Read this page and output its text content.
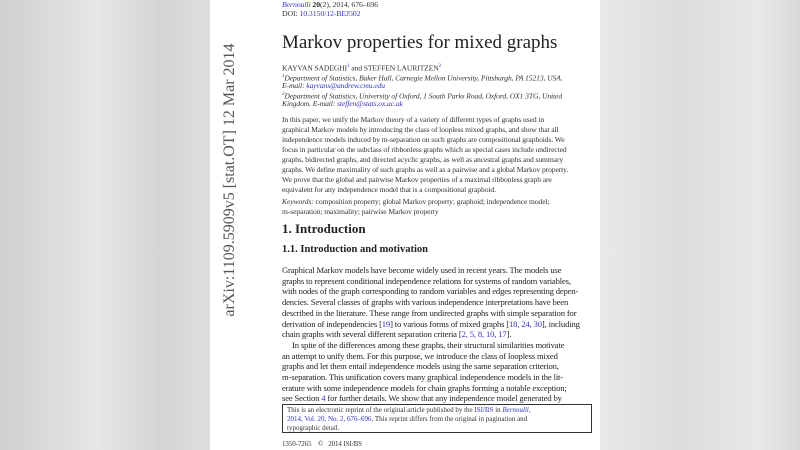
arXiv:1109.5909v5 [stat.OT] 12 Mar 2014
Bernoulli 20(2), 2014, 676–696
DOI: 10.3150/12-BEJ502
Markov properties for mixed graphs
KAYVAN SADEGHI$^1$ and STEFFEN LAURITZEN$^2$
$^1$Department of Statistics, Baker Hall, Carnegie Mellon University, Pittsburgh, PA 15213, USA.
E-mail: kayvans@andrew.cmu.edu
$^2$Department of Statistics, University of Oxford, 1 South Parks Road, Oxford, OX1 3TG, United
Kingdom. E-mail: steffen@stats.ox.ac.uk
In this paper, we unify the Markov theory of a variety of different types of graphs used in
graphical Markov models by introducing the class of loopless mixed graphs, and show that all
independence models induced by m-separation on such graphs are compositional graphoids. We
focus in particular on the subclass of ribbonless graphs which as special cases include undirected
graphs, bidirected graphs, and directed acyclic graphs, as well as ancestral graphs and summary
graphs. We define maximality of such graphs as well as a pairwise and a global Markov property.
We prove that the global and pairwise Markov properties of a maximal ribbonless graph are
equivalent for any independence model that is a compositional graphoid.
Keywords: composition property; global Markov property; graphoid; independence model;
m-separation; maximality; pairwise Markov property
1. Introduction
1.1. Introduction and motivation
Graphical Markov models have become widely used in recent years. The models use
graphs to represent conditional independence relations for systems of random variables,
with nodes of the graph corresponding to random variables and edges representing depen-
dencies. Several classes of graphs with various independence interpretations have been
described in the literature. These range from undirected graphs with simple separation for
derivation of independencies [19] to various forms of mixed graphs [18, 24, 30], including
chain graphs with several different separation criteria [2, 5, 8, 10, 17].
In spite of the differences among these graphs, their structural similarities motivate
an attempt to unify them. For this purpose, we introduce the class of loopless mixed
graphs and let them entail independence models using the same separation criterion,
m-separation. This unification covers many graphical independence models in the lit-
erature with some independence models for chain graphs forming a notable exception;
see Section 4 for further details. We show that any independence model generated by
This is an electronic reprint of the original article published by the ISI/BS in Bernoulli,
2014, Vol. 20, No. 2, 676–696. This reprint differs from the original in pagination and
typographic detail.
1350-7265 © 2014 ISI/BS
